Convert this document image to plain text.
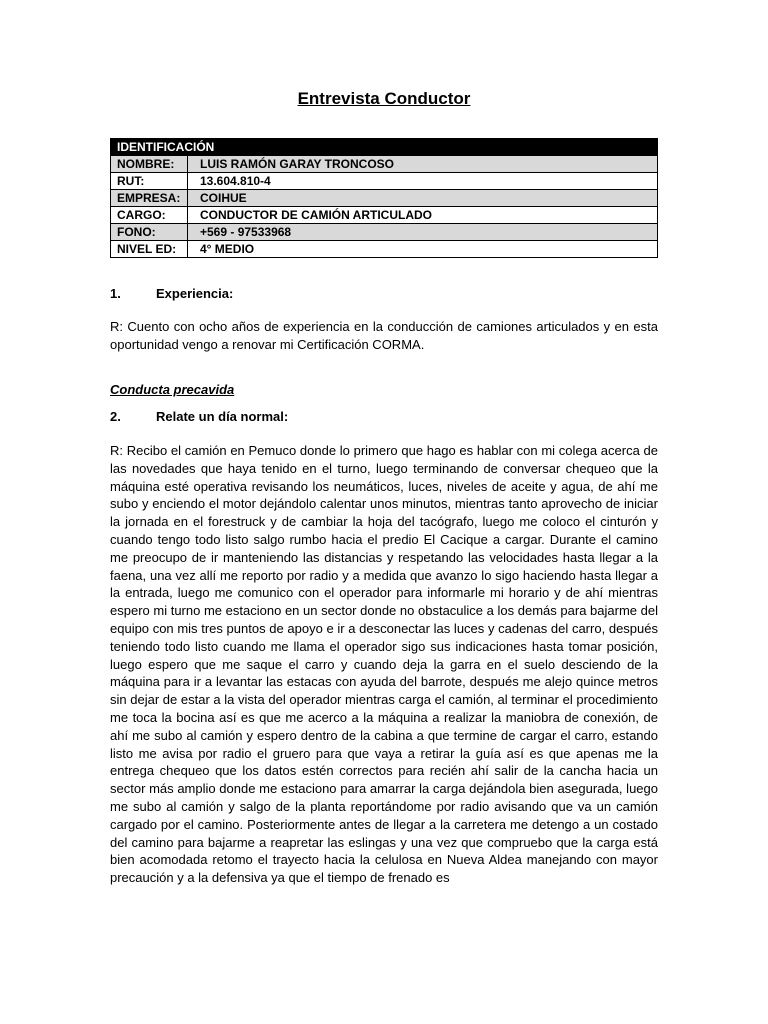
Entrevista Conductor
IDENTIFICACIÓN	
NOMBRE:	LUIS RAMÓN GARAY TRONCOSO
RUT:	13.604.810-4
EMPRESA:	COIHUE
CARGO:	CONDUCTOR DE CAMIÓN ARTICULADO
FONO:	+569 - 97533968
NIVEL ED:	4° MEDIO
1.	Experiencia:
R: Cuento con ocho años de experiencia en la conducción de camiones articulados y en esta oportunidad vengo a renovar mi Certificación CORMA.
Conducta precavida
2.	Relate un día normal:
R: Recibo el camión en Pemuco donde lo primero que hago es hablar con mi colega acerca de las novedades que haya tenido en el turno, luego terminando de conversar chequeo que la máquina esté operativa revisando los neumáticos, luces, niveles de aceite y agua, de ahí me subo y enciendo el motor dejándolo calentar unos minutos, mientras tanto aprovecho de iniciar la jornada en el forestruck y de cambiar la hoja del tacógrafo, luego me coloco el cinturón y cuando tengo todo listo salgo rumbo hacia el predio El Cacique a cargar. Durante el camino me preocupo de ir manteniendo las distancias y respetando las velocidades hasta llegar a la faena, una vez allí me reporto por radio y a medida que avanzo lo sigo haciendo hasta llegar a la entrada, luego me comunico con el operador para informarle mi horario y de ahí mientras espero mi turno me estaciono en un sector donde no obstaculice a los demás para bajarme del equipo con mis tres puntos de apoyo e ir a desconectar las luces y cadenas del carro, después teniendo todo listo cuando me llama el operador sigo sus indicaciones hasta tomar posición, luego espero que me saque el carro y cuando deja la garra en el suelo desciendo de la máquina para ir a levantar las estacas con ayuda del barrote, después me alejo quince metros sin dejar de estar a la vista del operador mientras carga el camión, al terminar el procedimiento me toca la bocina así es que me acerco a la máquina a realizar la maniobra de conexión, de ahí me subo al camión y espero dentro de la cabina a que termine de cargar el carro, estando listo me avisa por radio el gruero para que vaya a retirar la guía así es que apenas me la entrega chequeo que los datos estén correctos para recién ahí salir de la cancha hacia un sector más amplio donde me estaciono para amarrar la carga dejándola bien asegurada, luego me subo al camión y salgo de la planta reportándome por radio avisando que va un camión cargado por el camino. Posteriormente antes de llegar a la carretera me detengo a un costado del camino para bajarme a reapretar las eslingas y una vez que compruebo que la carga está bien acomodada retomo el trayecto hacia la celulosa en Nueva Aldea manejando con mayor precaución y a la defensiva ya que el tiempo de frenado es
